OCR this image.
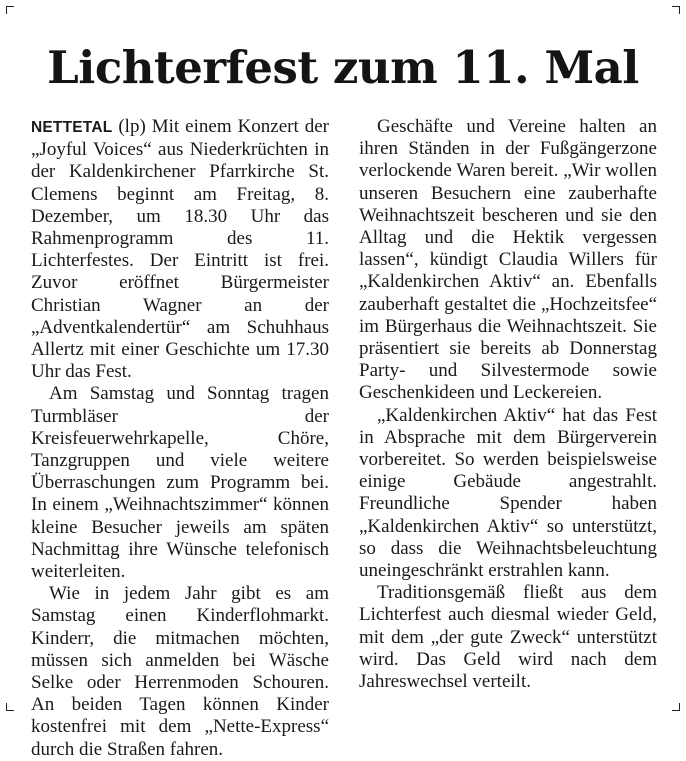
Lichterfest zum 11. Mal

NETTETAL (lp) Mit einem Konzert der „Joyful Voices“ aus Niederkrüchten in der Kaldenkirchener Pfarrkirche St. Clemens beginnt am Freitag, 8. Dezember, um 18.30 Uhr das Rahmenprogramm des 11. Lichterfestes. Der Eintritt ist frei. Zuvor eröffnet Bürgermeister Christian Wagner an der „Adventkalendertür“ am Schuhhaus Allertz mit einer Geschichte um 17.30 Uhr das Fest.

Am Samstag und Sonntag tragen Turmbläser der Kreisfeuerwehrkapelle, Chöre, Tanzgruppen und viele weitere Überraschungen zum Programm bei. In einem „Weihnachtszimmer“ können kleine Besucher jeweils am späten Nachmittag ihre Wünsche telefonisch weiterleiten.

Wie in jedem Jahr gibt es am Samstag einen Kinderflohmarkt. Kinderr, die mitmachen möchten, müssen sich anmelden bei Wäsche Selke oder Herrenmoden Schouren. An beiden Tagen können Kinder kostenfrei mit dem „Nette-Express“ durch die Straßen fahren.

Geschäfte und Vereine halten an ihren Ständen in der Fußgängerzone verlockende Waren bereit. „Wir wollen unseren Besuchern eine zauberhafte Weihnachtszeit bescheren und sie den Alltag und die Hektik vergessen lassen“, kündigt Claudia Willers für „Kaldenkirchen Aktiv“ an. Ebenfalls zauberhaft gestaltet die „Hochzeitsfee“ im Bürgerhaus die Weihnachtszeit. Sie präsentiert sie bereits ab Donnerstag Party- und Silvestermode sowie Geschenkideen und Leckereien.

„Kaldenkirchen Aktiv“ hat das Fest in Absprache mit dem Bürgerverein vorbereitet. So werden beispielsweise einige Gebäude angestrahlt. Freundliche Spender haben „Kaldenkirchen Aktiv“ so unterstützt, so dass die Weihnachtsbeleuchtung uneingeschränkt erstrahlen kann.

Traditionsgemäß fließt aus dem Lichterfest auch diesmal wieder Geld, mit dem „der gute Zweck“ unterstützt wird. Das Geld wird nach dem Jahreswechsel verteilt.
